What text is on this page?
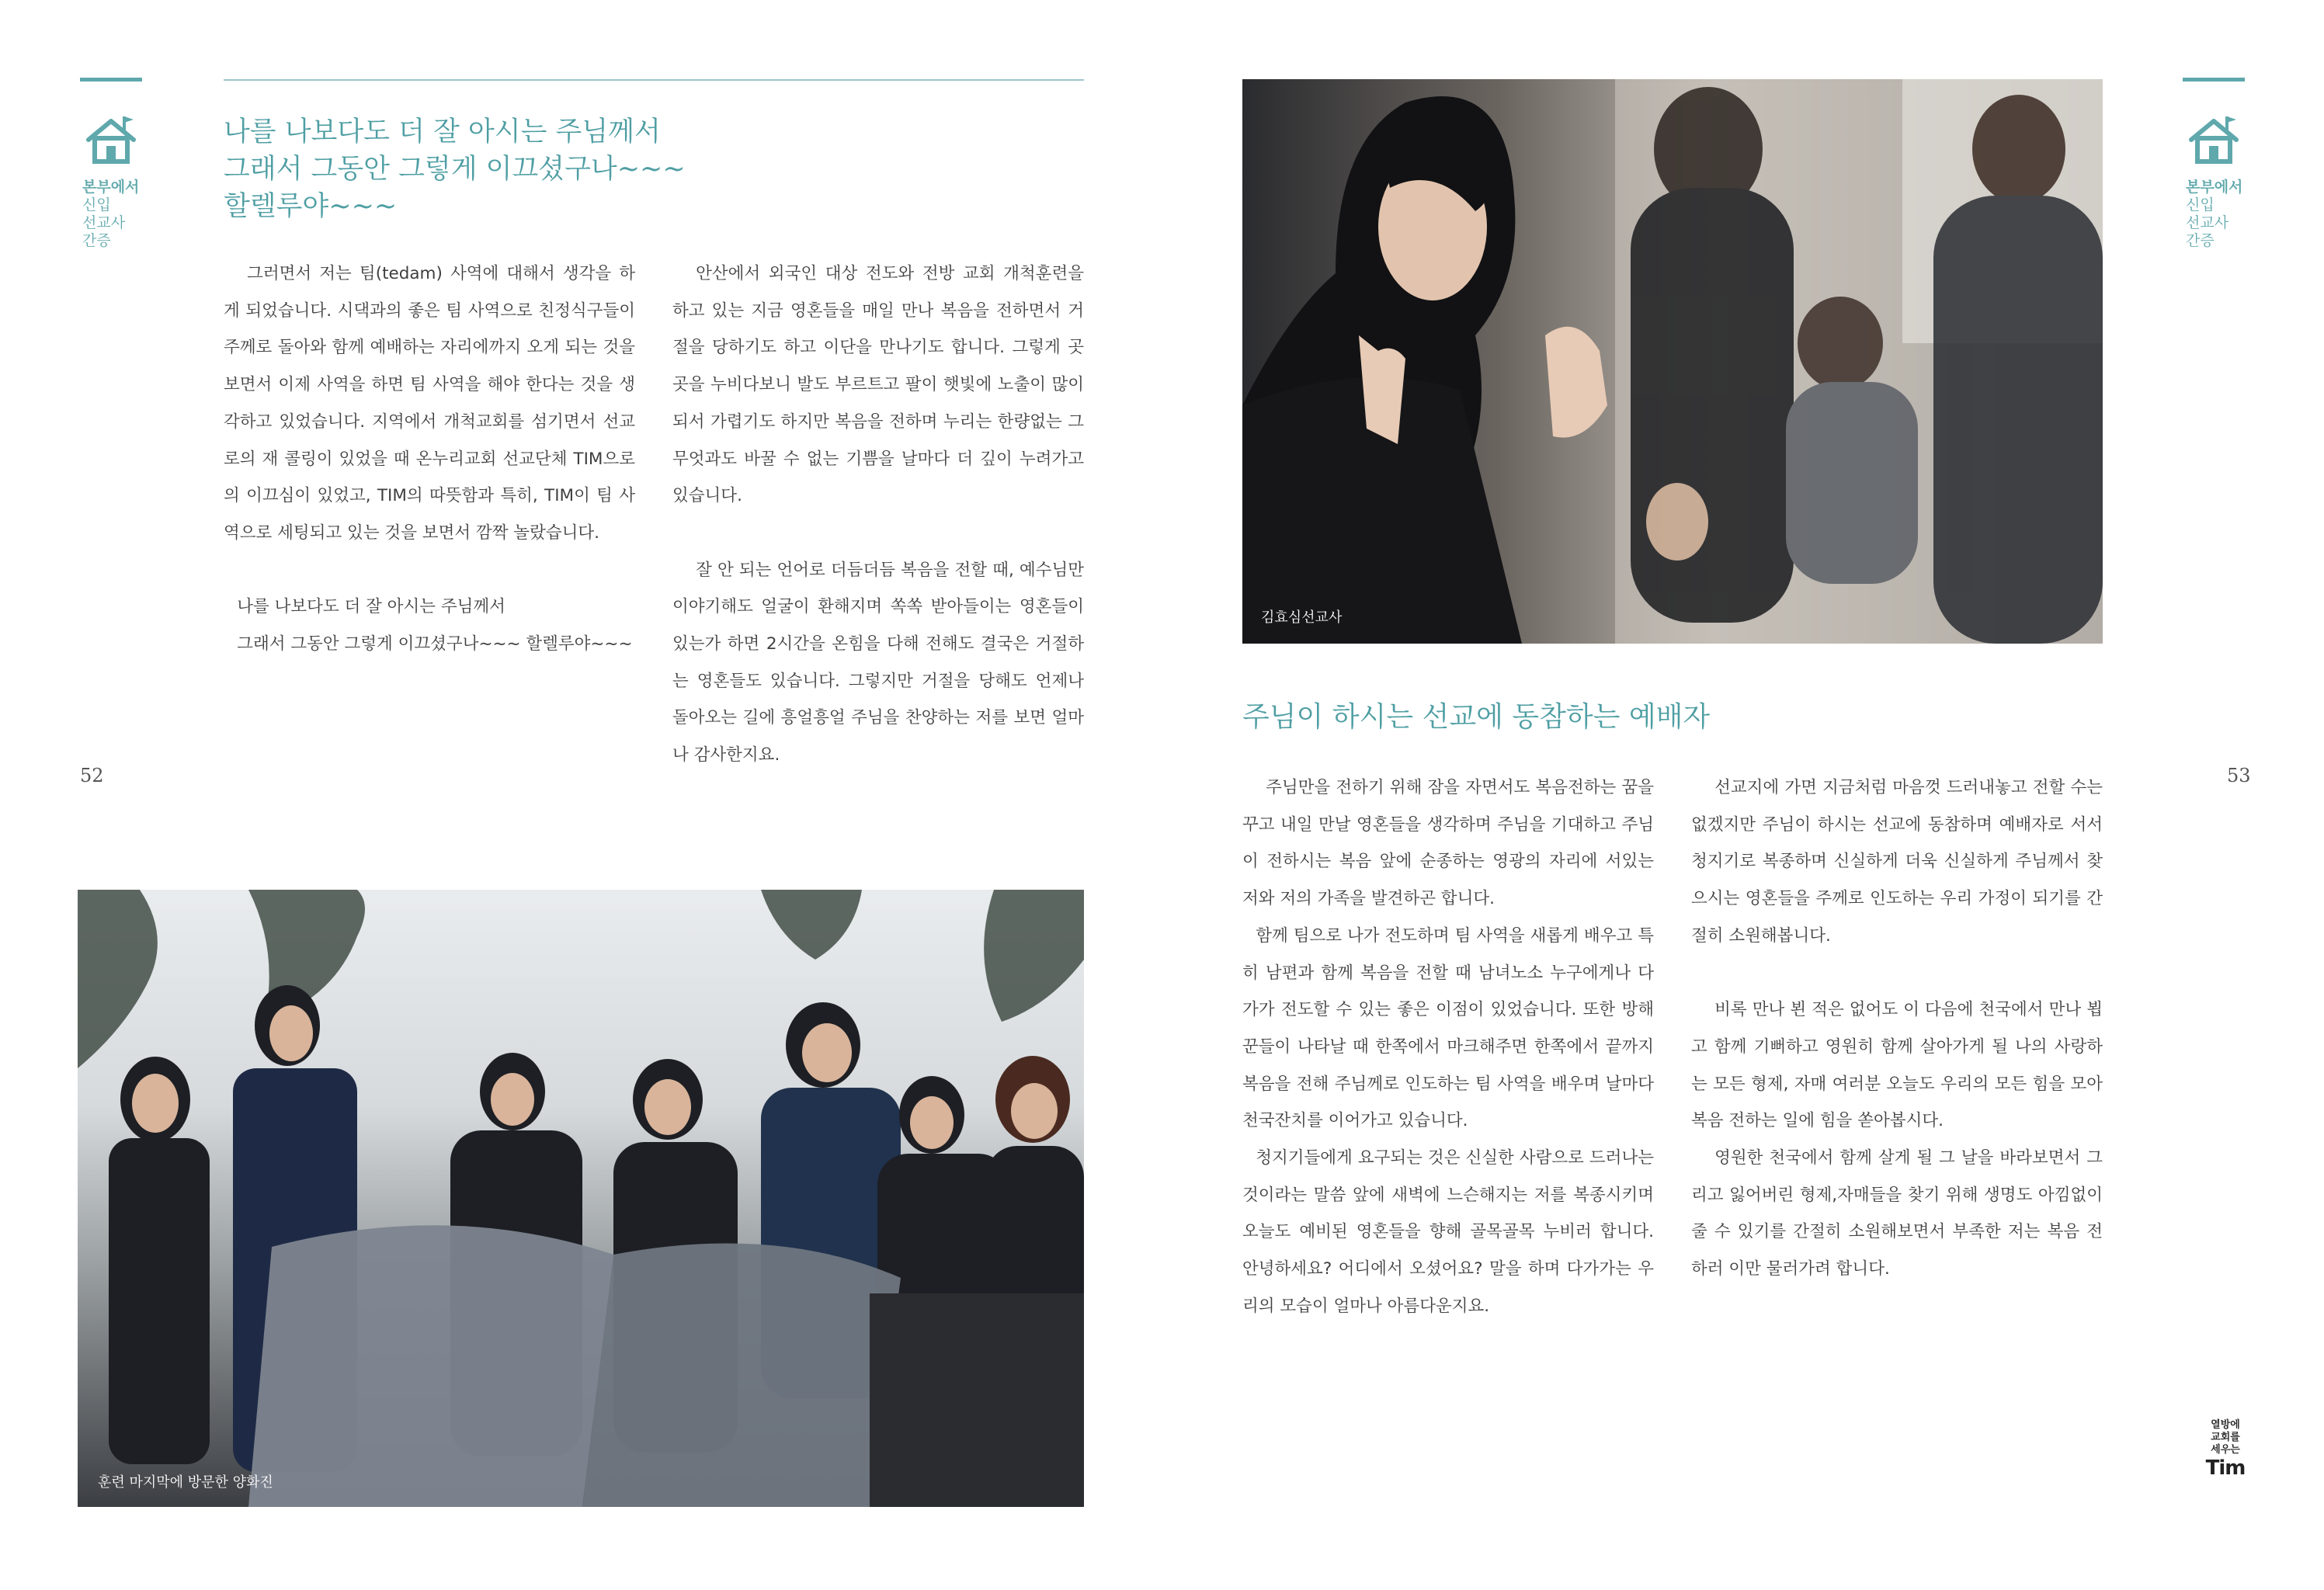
본부에서
신입
선교사
간증
나를 나보다도 더 잘 아시는 주님께서
그래서 그동안 그렇게 이끄셨구나~~~
할렐루야~~~

그러면서 저는 팀(tedam) 사역에 대해서 생각을 하게 되었습니다. 시댁과의 좋은 팀 사역으로 친정식구들이 주께로 돌아와 함께 예배하는 자리에까지 오게 되는 것을 보면서 이제 사역을 하면 팀 사역을 해야 한다는 것을 생각하고 있었습니다. 지역에서 개척교회를 섬기면서 선교로의 재 콜링이 있었을 때 온누리교회 선교단체 TIM으로의 이끄심이 있었고, TIM의 따뜻함과 특히, TIM이 팀 사역으로 세팅되고 있는 것을 보면서 깜짝 놀랐습니다.

나를 나보다도 더 잘 아시는 주님께서

그래서 그동안 그렇게 이끄셨구나~~~ 할렐루야~~~

안산에서 외국인 대상 전도와 전방 교회 개척훈련을 하고 있는 지금 영혼들을 매일 만나 복음을 전하면서 거절을 당하기도 하고 이단을 만나기도 합니다. 그렇게 곳곳을 누비다보니 발도 부르트고 팔이 햇빛에 노출이 많이 되서 가렵기도 하지만 복음을 전하며 누리는 한량없는 그 무엇과도 바꿀 수 없는 기쁨을 날마다 더 깊이 누려가고 있습니다.

잘 안 되는 언어로 더듬더듬 복음을 전할 때, 예수님만 이야기해도 얼굴이 환해지며 쏙쏙 받아들이는 영혼들이 있는가 하면 2시간을 온힘을 다해 전해도 결국은 거절하는 영혼들도 있습니다. 그렇지만 거절을 당해도 언제나 돌아오는 길에 흥얼흥얼 주님을 찬양하는 저를 보면 얼마나 감사한지요.

52
훈련 마지막에 방문한 양화진
본부에서
신입
선교사
간증
김효심선교사
주님이 하시는 선교에 동참하는 예배자

주님만을 전하기 위해 잠을 자면서도 복음전하는 꿈을 꾸고 내일 만날 영혼들을 생각하며 주님을 기대하고 주님이 전하시는 복음 앞에 순종하는 영광의 자리에 서있는 저와 저의 가족을 발견하곤 합니다.

함께 팀으로 나가 전도하며 팀 사역을 새롭게 배우고 특히 남편과 함께 복음을 전할 때 남녀노소 누구에게나 다가가 전도할 수 있는 좋은 이점이 있었습니다. 또한 방해꾼들이 나타날 때 한쪽에서 마크해주면 한쪽에서 끝까지 복음을 전해 주님께로 인도하는 팀 사역을 배우며 날마다 천국잔치를 이어가고 있습니다.

청지기들에게 요구되는 것은 신실한 사람으로 드러나는 것이라는 말씀 앞에 새벽에 느슨해지는 저를 복종시키며 오늘도 예비된 영혼들을 향해 골목골목 누비러 합니다. 안녕하세요? 어디에서 오셨어요? 말을 하며 다가가는 우리의 모습이 얼마나 아름다운지요.

선교지에 가면 지금처럼 마음껏 드러내놓고 전할 수는 없겠지만 주님이 하시는 선교에 동참하며 예배자로 서서 청지기로 복종하며 신실하게 더욱 신실하게 주님께서 찾으시는 영혼들을 주께로 인도하는 우리 가정이 되기를 간절히 소원해봅니다.

비록 만나 뵌 적은 없어도 이 다음에 천국에서 만나 뵙고 함께 기뻐하고 영원히 함께 살아가게 될 나의 사랑하는 모든 형제, 자매 여러분 오늘도 우리의 모든 힘을 모아 복음 전하는 일에 힘을 쏟아봅시다.

영원한 천국에서 함께 살게 될 그 날을 바라보면서 그리고 잃어버린 형제,자매들을 찾기 위해 생명도 아낌없이 줄 수 있기를 간절히 소원해보면서 부족한 저는 복음 전하러 이만 물러가려 합니다.

53
열방에
교회를
세우는
Tim
